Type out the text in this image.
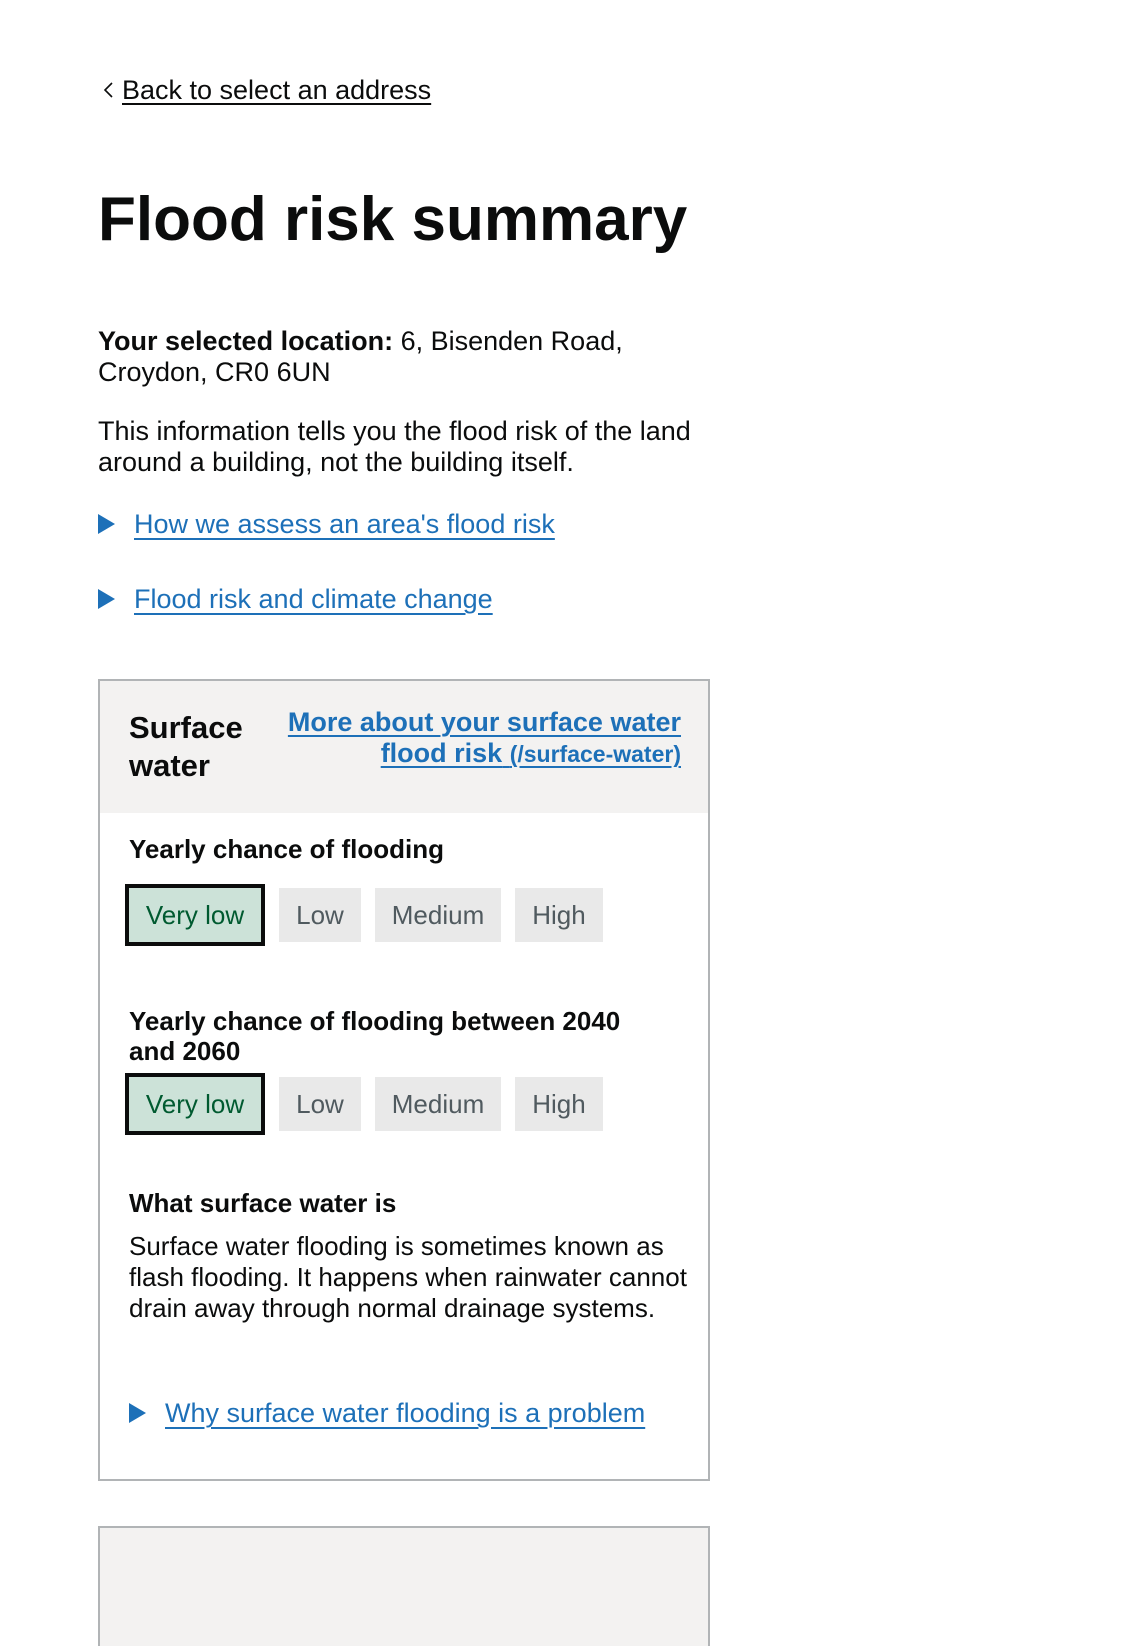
Back to select an address
Flood risk summary

Your selected location: 6, Bisenden Road,
Croydon, CR0 6UN

This information tells you the flood risk of the land around a building, not the building itself.

How we assess an area's flood risk
Flood risk and climate change
Surface
water
More about your surface water
flood risk (/surface-water)
Yearly chance of flooding
Very low	Low	Medium	High
Yearly chance of flooding between 2040 and 2060
Very low	Low	Medium	High
What surface water is

Surface water flooding is sometimes known as flash flooding. It happens when rainwater cannot drain away through normal drainage systems.

Why surface water flooding is a problem
